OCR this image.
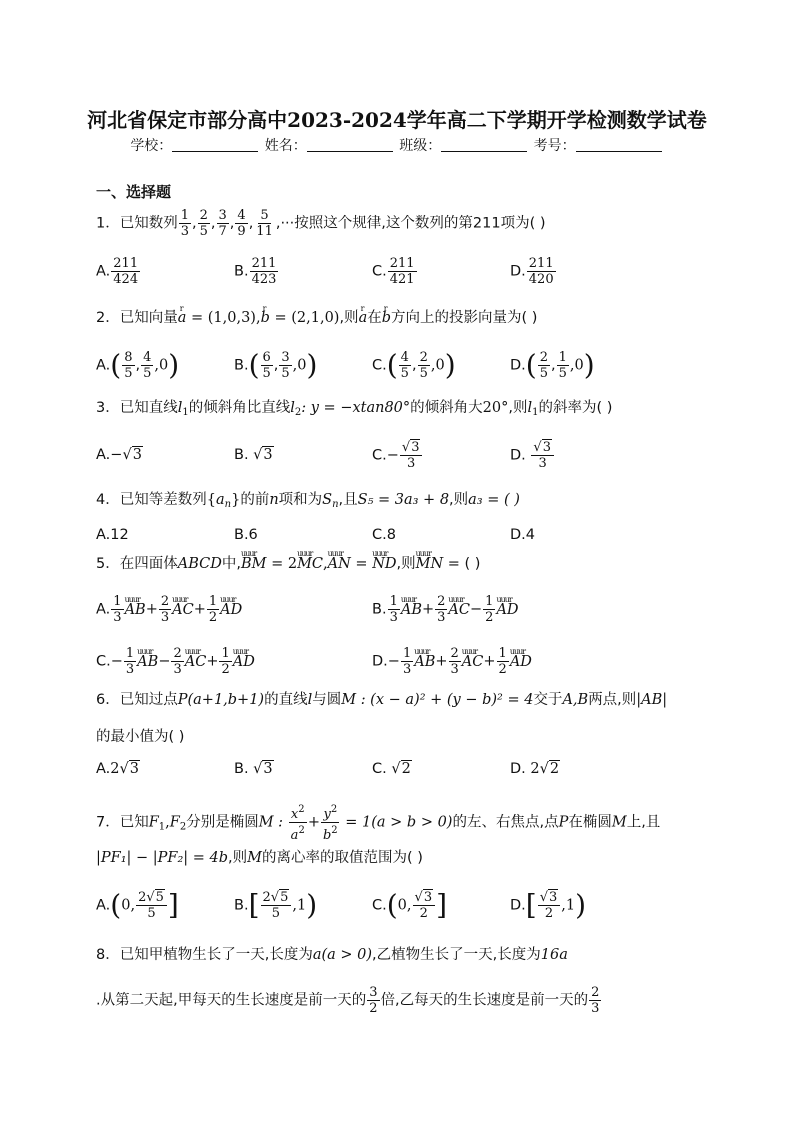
河北省保定市部分高中2023-2024学年高二下学期开学检测数学试卷
学校：	姓名：	班级：	考号：
一、选择题
1．已知数列 $\frac{1}{3}$ , $\frac{2}{5}$ , $\frac{3}{7}$ , $\frac{4}{9}$ , $\frac{5}{11}$ ,···按照这个规律,这个数列的第211项为( )
A. $\frac{211}{424}$	B. $\frac{211}{423}$	C. $\frac{211}{421}$	D. $\frac{211}{420}$
2．已知向量r a = (1,0,3),r b = (2,1,0),则r a在r b方向上的投影向量为( )
$A.( \frac{8}{5}$ , $\frac{4}{5} ,0$)	$B.( \frac{6}{5}$ , $\frac{3}{5} ,0$)	$C.( \frac{4}{5}$ , $\frac{2}{5} ,0$)	$D.( \frac{2}{5}$ , $\frac{1}{5} ,0$)
3．已知直线$l_1$的倾斜角比直线$l_2$: y = −xtan80°的倾斜角大20°,则$l_1$的斜率为( )
A.−√3	B. √3	$C.- \frac{√3}{3}$	D. $\frac{√3}{3}$
4．已知等差数列$\{a_n\}$的前n项和为$S_n$,且S₅ = 3a₃ + 8,则a₃ = ( )
A.12	B.6	C.8	D.4
5．在四面体ABCD中,uuur BM = 2uuur MC,uuur AN = uuur ND,则uuur MN = ( )
A. $\frac{1}{3}$ uuur $AB+ \frac{2}{3}$ uuur $AC+ \frac{1}{2}$ uuur AD	B. $\frac{1}{3}$ uuur $AB+ \frac{2}{3}$ uuur $AC- \frac{1}{2}$ uuur AD
$C.- \frac{1}{3}$ uuur $AB- \frac{2}{3}$ uuur $AC+ \frac{1}{2}$ uuur AD	$D.- \frac{1}{3}$ uuur $AB+ \frac{2}{3}$ uuur $AC+ \frac{1}{2}$ uuur AD
6．已知过点P(a+1,b+1)的直线l与圆M : (x − a)² + (y − b)² = 4交于A,B两点,则|AB|
的最小值为( )
A.2√3	B. √3	C. √2	D. 2√2
7．已知$F_1,F_2$分别是椭圆M : $\frac{x^2}{a^2} + \frac{y^2}{b^2} = 1(a > b > 0)$的左、右焦点,点P在椭圆M上,且
|PF₁| − |PF₂| = 4b,则M的离心率的取值范围为( )
A.(0, $\frac{2√5}{5}$ ]	$B.[ \frac{2√5}{5} ,1)$	C.(0, $\frac{√3}{2}$ ]	$D.[ \frac{√3}{2} ,1)$
8．已知甲植物生长了一天,长度为a(a > 0),乙植物生长了一天,长度为16a
.从第二天起,甲每天的生长速度是前一天的 $\frac{3}{2}$ 倍,乙每天的生长速度是前一天的 $\frac{2}{3}$
